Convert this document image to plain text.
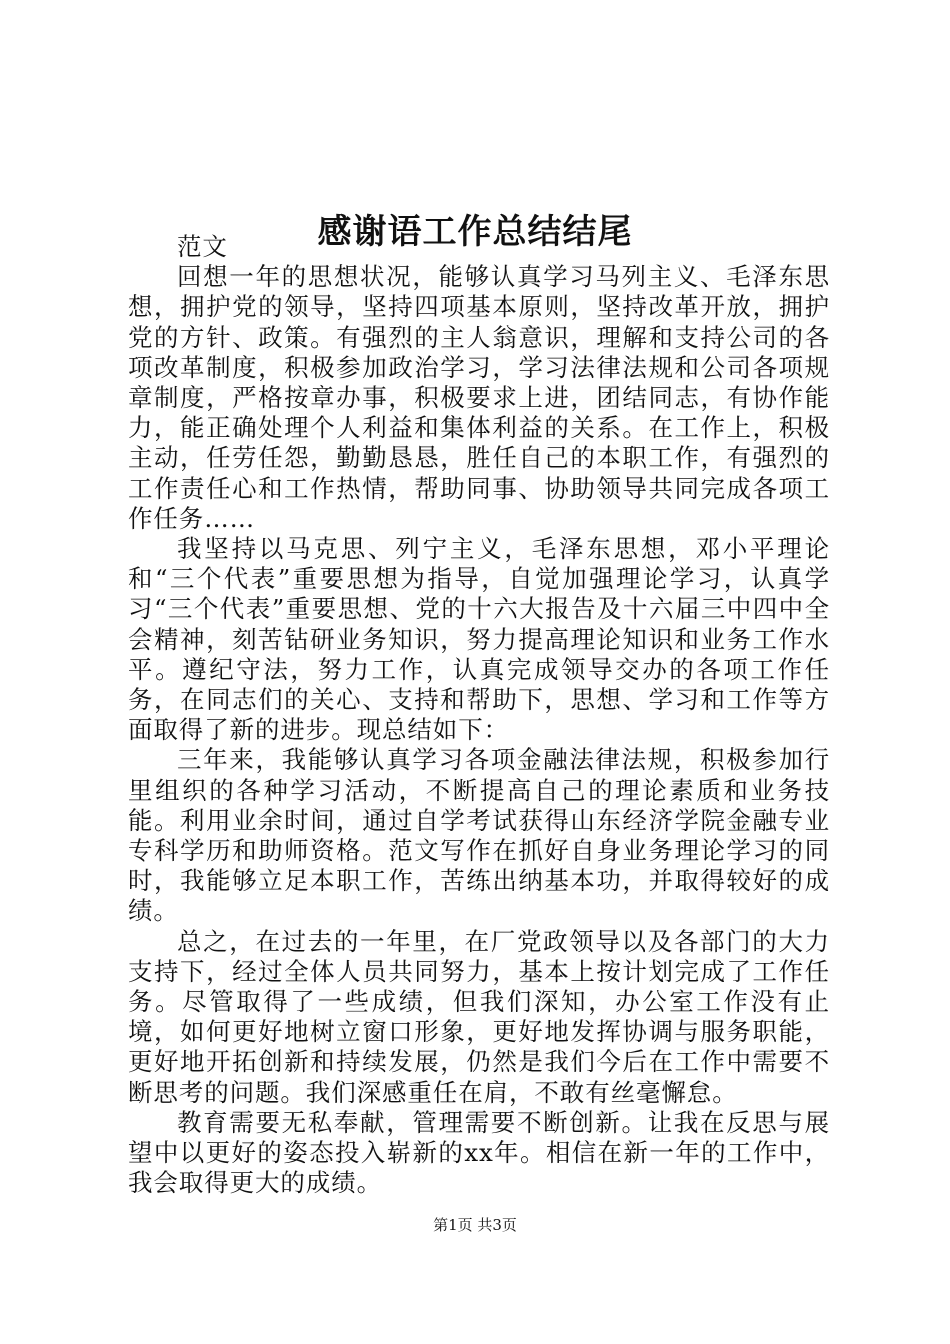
感谢语工作总结结尾

范文

回想一年的思想状况，能够认真学习马列主义、毛泽东思想，拥护党的领导，坚持四项基本原则，坚持改革开放，拥护党的方针、政策。有强烈的主人翁意识，理解和支持公司的各项改革制度，积极参加政治学习，学习法律法规和公司各项规章制度，严格按章办事，积极要求上进，团结同志，有协作能力，能正确处理个人利益和集体利益的关系。在工作上，积极主动，任劳任怨，勤勤恳恳，胜任自己的本职工作，有强烈的工作责任心和工作热情，帮助同事、协助领导共同完成各项工作任务……

我坚持以马克思、列宁主义，毛泽东思想，邓小平理论和“三个代表”重要思想为指导，自觉加强理论学习，认真学习“三个代表”重要思想、党的十六大报告及十六届三中四中全会精神，刻苦钻研业务知识，努力提高理论知识和业务工作水平。遵纪守法，努力工作，认真完成领导交办的各项工作任务，在同志们的关心、支持和帮助下，思想、学习和工作等方面取得了新的进步。现总结如下：

三年来，我能够认真学习各项金融法律法规，积极参加行里组织的各种学习活动，不断提高自己的理论素质和业务技能。利用业余时间，通过自学考试获得山东经济学院金融专业专科学历和助师资格。范文写作在抓好自身业务理论学习的同时，我能够立足本职工作，苦练出纳基本功，并取得较好的成绩。

总之，在过去的一年里，在厂党政领导以及各部门的大力支持下，经过全体人员共同努力，基本上按计划完成了工作任务。尽管取得了一些成绩，但我们深知，办公室工作没有止境，如何更好地树立窗口形象，更好地发挥协调与服务职能，更好地开拓创新和持续发展，仍然是我们今后在工作中需要不断思考的问题。我们深感重任在肩，不敢有丝毫懈怠。

教育需要无私奉献，管理需要不断创新。让我在反思与展望中以更好的姿态投入崭新的xx年。相信在新一年的工作中，我会取得更大的成绩。

第1页 共3页
